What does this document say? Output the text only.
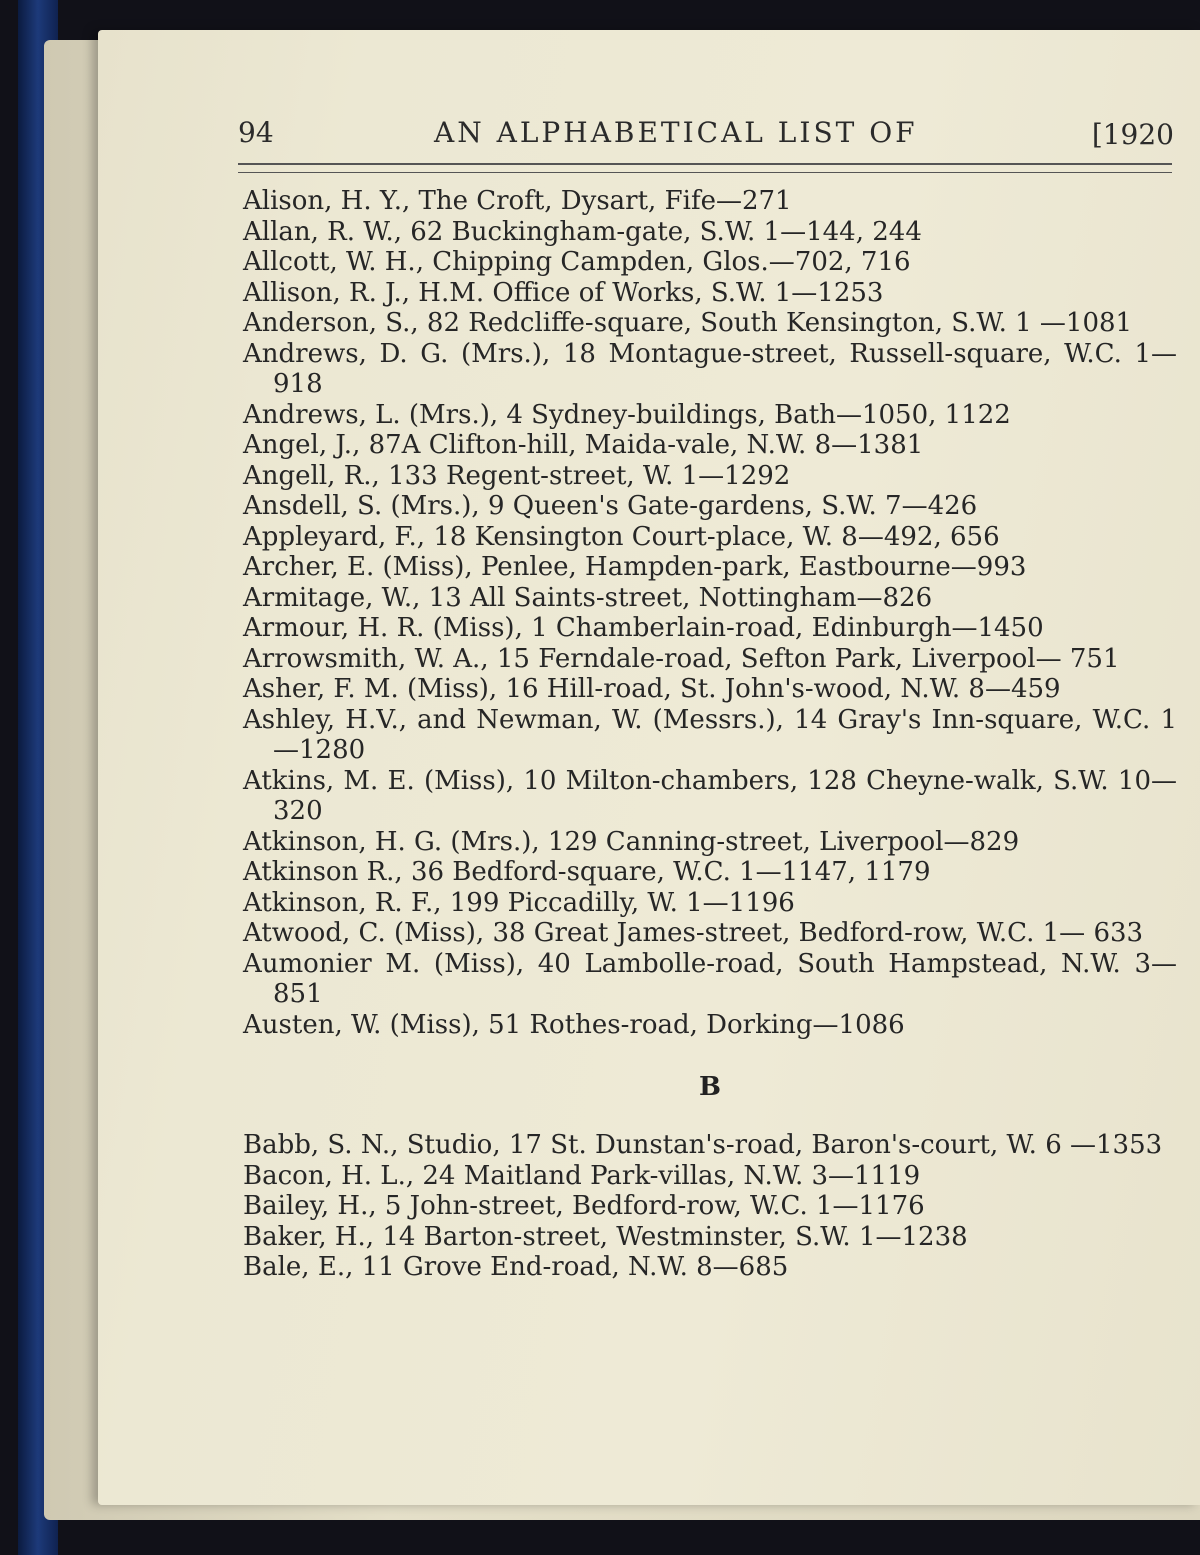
94	AN ALPHABETICAL LIST OF	[1920
Alison, H. Y., The Croft, Dysart, Fife—271
Allan, R. W., 62 Buckingham-gate, S.W. 1—144, 244
Allcott, W. H., Chipping Campden, Glos.—702, 716
Allison, R. J., H.M. Office of Works, S.W. 1—1253
Anderson, S., 82 Redcliffe-square, South Kensington, S.W. 1 —1081
Andrews, D. G. (Mrs.), 18 Montague-street, Russell-square, W.C. 1—918
Andrews, L. (Mrs.), 4 Sydney-buildings, Bath—1050, 1122
Angel, J., 87A Clifton-hill, Maida-vale, N.W. 8—1381
Angell, R., 133 Regent-street, W. 1—1292
Ansdell, S. (Mrs.), 9 Queen's Gate-gardens, S.W. 7—426
Appleyard, F., 18 Kensington Court-place, W. 8—492, 656
Archer, E. (Miss), Penlee, Hampden-park, Eastbourne—993
Armitage, W., 13 All Saints-street, Nottingham—826
Armour, H. R. (Miss), 1 Chamberlain-road, Edinburgh—1450
Arrowsmith, W. A., 15 Ferndale-road, Sefton Park, Liverpool— 751
Asher, F. M. (Miss), 16 Hill-road, St. John's-wood, N.W. 8—459
Ashley, H.V., and Newman, W. (Messrs.), 14 Gray's Inn-square, W.C. 1—1280
Atkins, M. E. (Miss), 10 Milton-chambers, 128 Cheyne-walk, S.W. 10—320
Atkinson, H. G. (Mrs.), 129 Canning-street, Liverpool—829
Atkinson R., 36 Bedford-square, W.C. 1—1147, 1179
Atkinson, R. F., 199 Piccadilly, W. 1—1196
Atwood, C. (Miss), 38 Great James-street, Bedford-row, W.C. 1— 633
Aumonier M. (Miss), 40 Lambolle-road, South Hampstead, N.W. 3—851
Austen, W. (Miss), 51 Rothes-road, Dorking—1086
B
Babb, S. N., Studio, 17 St. Dunstan's-road, Baron's-court, W. 6 —1353
Bacon, H. L., 24 Maitland Park-villas, N.W. 3—1119
Bailey, H., 5 John-street, Bedford-row, W.C. 1—1176
Baker, H., 14 Barton-street, Westminster, S.W. 1—1238
Bale, E., 11 Grove End-road, N.W. 8—685
